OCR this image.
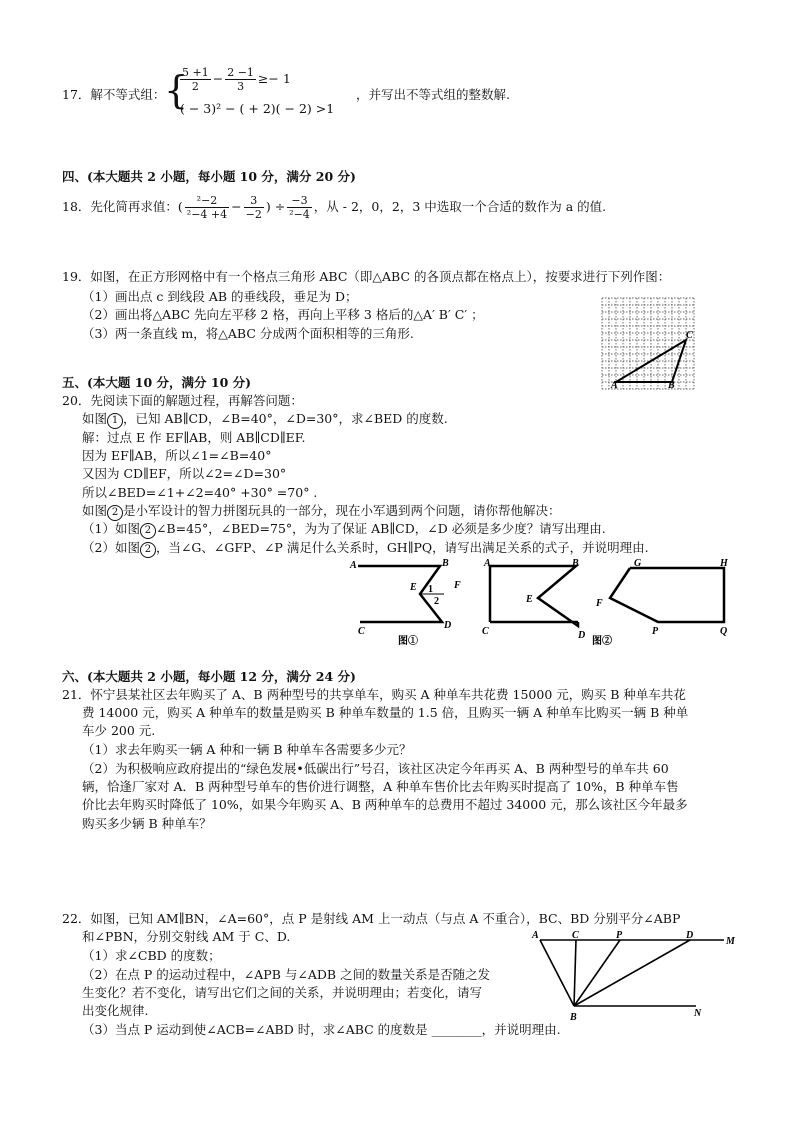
17．解不等式组：
{
$\frac{5 +1}{2} - \frac{2 -1}{3} \ge- 1$
( − 3)² − ( + 2)( − 2) >1
，并写出不等式组的整数解.
四、(本大题共 2 小题，每小题 10 分，满分 20 分)
18．先化简再求值：( $\frac{\text{²−2}}{\text{²−4 +4}} - \frac{3}{-2}$ ) ÷ $\frac{-3}{\text{²−4}}$ ，从 - 2，0，2，3 中选取一个合适的数作为 a 的值.
19．如图，在正方形网格中有一个格点三角形 ABC（即△ABC 的各顶点都在格点上），按要求进行下列作图：
（1）画出点 c 到线段 AB 的垂线段，垂足为 D；
（2）画出将△ABC 先向左平移 2 格，再向上平移 3 格后的△A′ B′ C′ ；
（3）两一条直线 m，将△ABC 分成两个面积相等的三角形.
A	B
C
五、(本大题 10 分，满分 10 分)
20．先阅读下面的解题过程，再解答问题：
如图 1 ，已知 AB∥CD，∠B=40°，∠D=30°，求∠BED 的度数.
解：过点 E 作 EF∥AB，则 AB∥CD∥EF.
因为 EF∥AB，所以∠1=∠B=40°
又因为 CD∥EF，所以∠2=∠D=30°
所以∠BED=∠1+∠2=40° +30° =70° .
如图 2 是小军设计的智力拼图玩具的一部分，现在小军遇到两个问题，请你帮他解决：
（1）如图 2 ∠B=45°，∠BED=75°，为为了保证 AB∥CD，∠D 必须是多少度？请写出理由.
（2）如图 2 ，当∠G、∠GFP、∠P 满足什么关系时，GH∥PQ，请写出满足关系的式子，并说明理由.
A	B
E	F
1
2
C
D
图①
A	B
E
C	D
图②
G	H
F
P	Q
六、(本大题共 2 小题，每小题 12 分，满分 24 分)
21．怀宁县某社区去年购买了 A、B 两种型号的共享单车，购买 A 种单车共花费 15000 元，购买 B 种单车共花
费 14000 元，购买 A 种单车的数量是购买 B 种单车数量的 1.5 倍，且购买一辆 A 种单车比购买一辆 B 种单
车少 200 元.
（1）求去年购买一辆 A 种和一辆 B 种单车各需要多少元？
（2）为积极响应政府提出的“绿色发展•低碳出行”号召，该社区决定今年再买 A、B 两种型号的单车共 60
辆，恰逢厂家对 A．B 两种型号单车的售价进行调整，A 种单车售价比去年购买时提高了 10%，B 种单车售
价比去年购买时降低了 10%，如果今年购买 A、B 两种单车的总费用不超过 34000 元，那么该社区今年最多
购买多少辆 B 种单车？
22．如图，已知 AM∥BN，∠A=60°，点 P 是射线 AM 上一动点（与点 A 不重合），BC、BD 分别平分∠ABP
和∠PBN，分别交射线 AM 于 C、D.
（1）求∠CBD 的度数；
（2）在点 P 的运动过程中，∠APB 与∠ADB 之间的数量关系是否随之发
生变化？若不变化，请写出它们之间的关系，并说明理由；若变化，请写
出变化规律.
（3）当点 P 运动到使∠ACB=∠ABD 时，求∠ABC 的度数是 ________，并说明理由.
A	C	P	D
M
B	N
